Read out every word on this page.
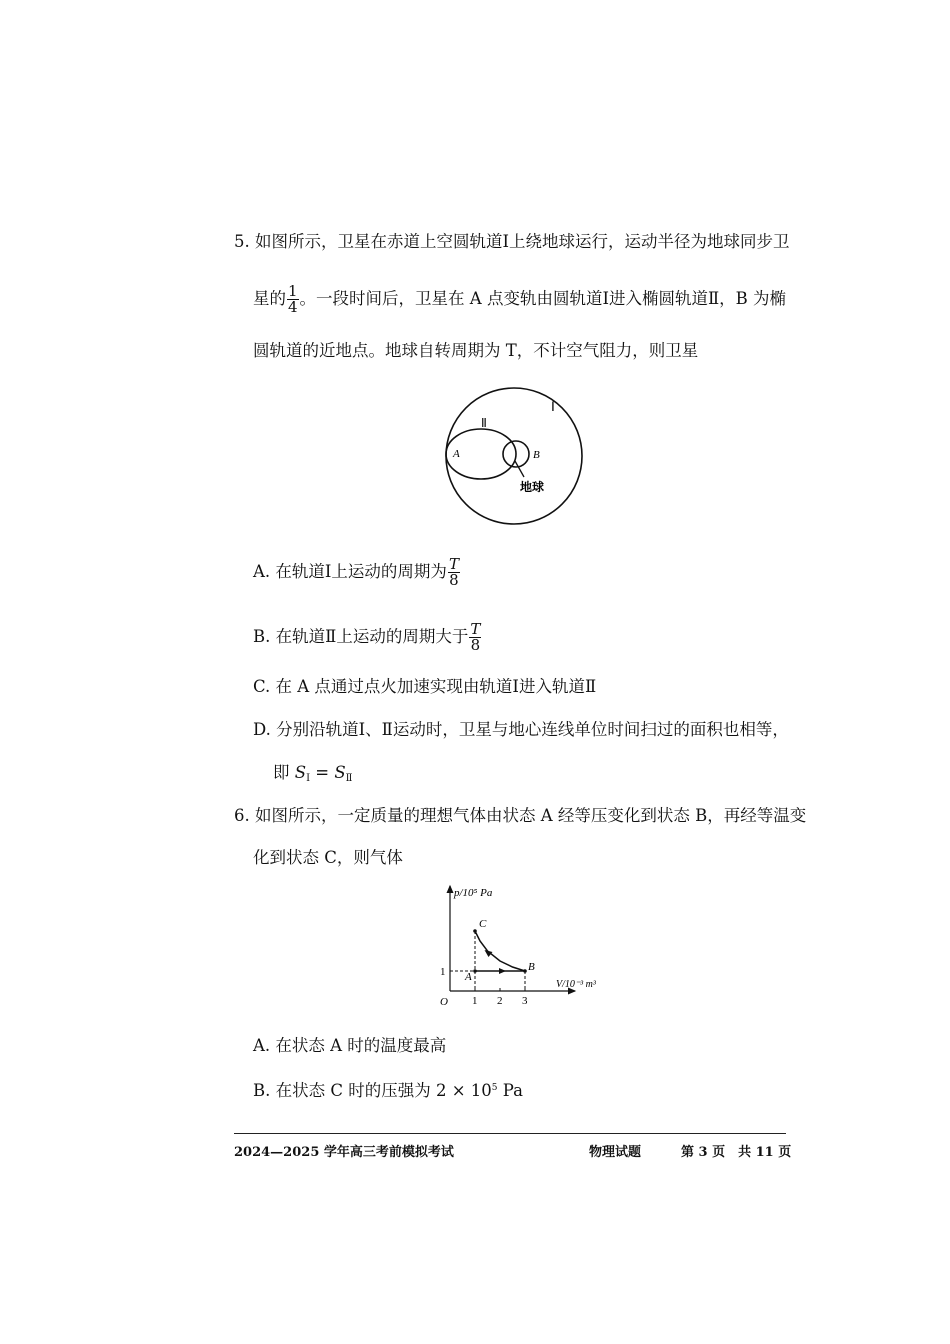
5. 如图所示，卫星在赤道上空圆轨道Ⅰ上绕地球运行，运动半径为地球同步卫
星的 $\frac{1}{4}$ 。一段时间后，卫星在 A 点变轨由圆轨道Ⅰ进入椭圆轨道Ⅱ，B 为椭
圆轨道的近地点。地球自转周期为 T，不计空气阻力，则卫星
Ⅰ
Ⅱ
A	B
地球
A. 在轨道Ⅰ上运动的周期为 $\frac{T}{8}$
B. 在轨道Ⅱ上运动的周期大于 $\frac{T}{8}$
C. 在 A 点通过点火加速实现由轨道Ⅰ进入轨道Ⅱ
D. 分别沿轨道Ⅰ、Ⅱ运动时，卫星与地心连线单位时间扫过的面积也相等，
即 $S_Ⅰ = S_Ⅱ$
6. 如图所示，一定质量的理想气体由状态 A 经等压变化到状态 B，再经等温变
化到状态 C，则气体
p/10⁵ Pa
V/10⁻³ m³
O 1 2 3
1 A
B
C
A. 在状态 A 时的温度最高
B. 在状态 C 时的压强为 $2 \times 10^5$ Pa
2024—2025 学年高三考前模拟考试	物理试题	第 3 页　共 11 页
